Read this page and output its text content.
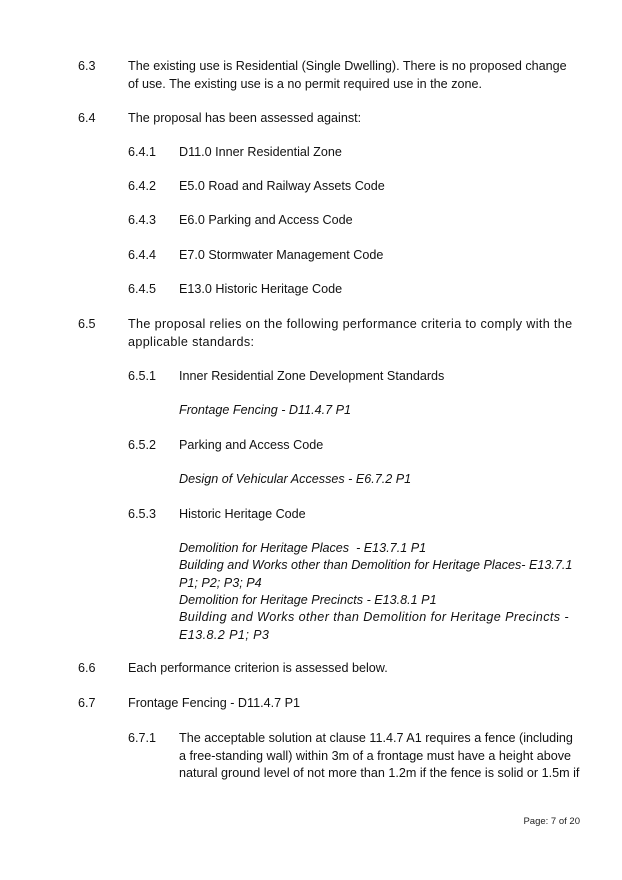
6.3	The existing use is Residential (Single Dwelling). There is no proposed change of use. The existing use is a no permit required use in the zone.
6.4	The proposal has been assessed against:
6.4.1 D11.0 Inner Residential Zone
6.4.2 E5.0 Road and Railway Assets Code
6.4.3 E6.0 Parking and Access Code
6.4.4 E7.0 Stormwater Management Code
6.4.5 E13.0 Historic Heritage Code
6.5	The proposal relies on the following performance criteria to comply with the applicable standards:
6.5.1 Inner Residential Zone Development Standards
Frontage Fencing - D11.4.7 P1
6.5.2 Parking and Access Code
Design of Vehicular Accesses - E6.7.2 P1
6.5.3 Historic Heritage Code
Demolition for Heritage Places  - E13.7.1 P1
Building and Works other than Demolition for Heritage Places- E13.7.1 P1; P2; P3; P4
Demolition for Heritage Precincts - E13.8.1 P1
Building and Works other than Demolition for Heritage Precincts - E13.8.2 P1; P3
6.6	Each performance criterion is assessed below.
6.7	Frontage Fencing - D11.4.7 P1
6.7.1 The acceptable solution at clause 11.4.7 A1 requires a fence (including a free-standing wall) within 3m of a frontage must have a height above natural ground level of not more than 1.2m if the fence is solid or 1.5m if
Page: 7 of 20
